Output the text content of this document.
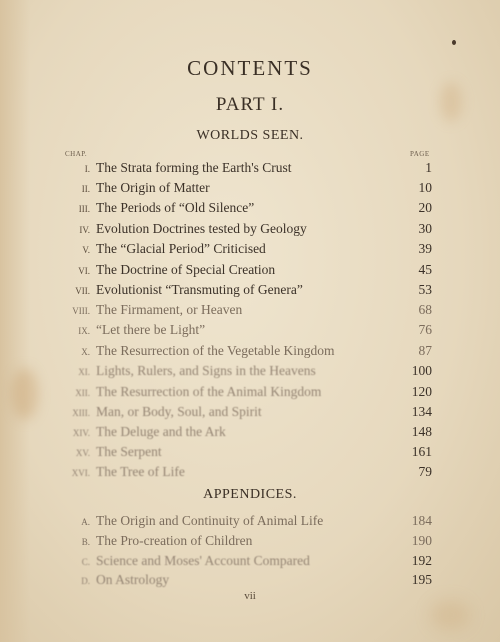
CONTENTS
PART I.
WORLDS SEEN.
CHAP.	PAGE
I. The Strata forming the Earth's Crust	1
II. The Origin of Matter	10
III. The Periods of “Old Silence”	20
IV. Evolution Doctrines tested by Geology	30
V. The “Glacial Period” Criticised	39
VI. The Doctrine of Special Creation	45
VII. Evolutionist “Transmuting of Genera”	53
VIII. The Firmament, or Heaven	68
IX. “Let there be Light”	76
X. The Resurrection of the Vegetable Kingdom	87
XI. Lights, Rulers, and Signs in the Heavens	100
XII. The Resurrection of the Animal Kingdom	120
XIII. Man, or Body, Soul, and Spirit	134
XIV. The Deluge and the Ark	148
XV. The Serpent	161
XVI. The Tree of Life	79
APPENDICES.
A. The Origin and Continuity of Animal Life	184
B. The Pro-creation of Children	190
C. Science and Moses' Account Compared	192
D. On Astrology	195
vii
